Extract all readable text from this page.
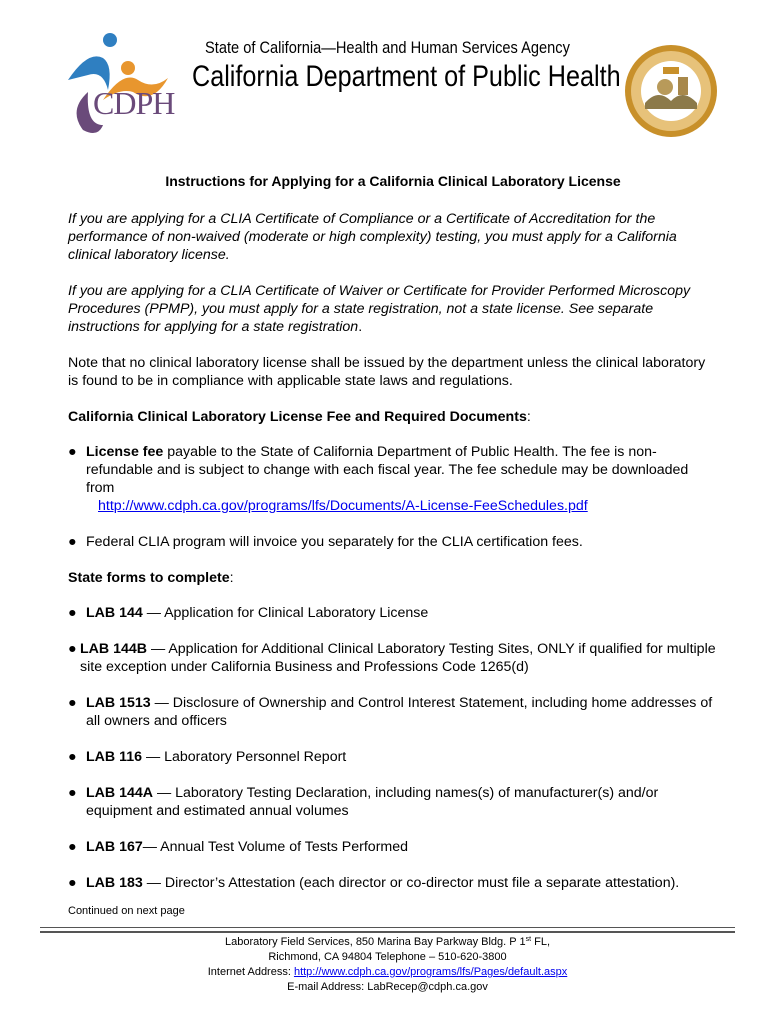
CDPH
State of California—Health and Human Services Agency
California Department of Public Health
Instructions for Applying for a California Clinical Laboratory License

If you are applying for a CLIA Certificate of Compliance or a Certificate of Accreditation for the performance of non-waived (moderate or high complexity) testing, you must apply for a California clinical laboratory license.

If you are applying for a CLIA Certificate of Waiver or Certificate for Provider Performed Microscopy Procedures (PPMP), you must apply for a state registration, not a state license. See separate instructions for applying for a state registration.

Note that no clinical laboratory license shall be issued by the department unless the clinical laboratory is found to be in compliance with applicable state laws and regulations.

California Clinical Laboratory License Fee and Required Documents:
● License fee payable to the State of California Department of Public Health. The fee is non-refundable and is subject to change with each fiscal year. The fee schedule may be downloaded from
http://www.cdph.ca.gov/programs/lfs/Documents/A-License-FeeSchedules.pdf
● Federal CLIA program will invoice you separately for the CLIA certification fees.
State forms to complete:
● LAB 144 — Application for Clinical Laboratory License
● LAB 144B — Application for Additional Clinical Laboratory Testing Sites, ONLY if qualified for multiple site exception under California Business and Professions Code 1265(d)
● LAB 1513 — Disclosure of Ownership and Control Interest Statement, including home addresses of all owners and officers
● LAB 116 — Laboratory Personnel Report
● LAB 144A — Laboratory Testing Declaration, including names(s) of manufacturer(s) and/or equipment and estimated annual volumes
● LAB 167— Annual Test Volume of Tests Performed
● LAB 183 — Director’s Attestation (each director or co-director must file a separate attestation).
Continued on next page
Laboratory Field Services, 850 Marina Bay Parkway Bldg. P 1st FL,
Richmond, CA 94804 Telephone – 510-620-3800
Internet Address: http://www.cdph.ca.gov/programs/lfs/Pages/default.aspx
E-mail Address: LabRecep@cdph.ca.gov
